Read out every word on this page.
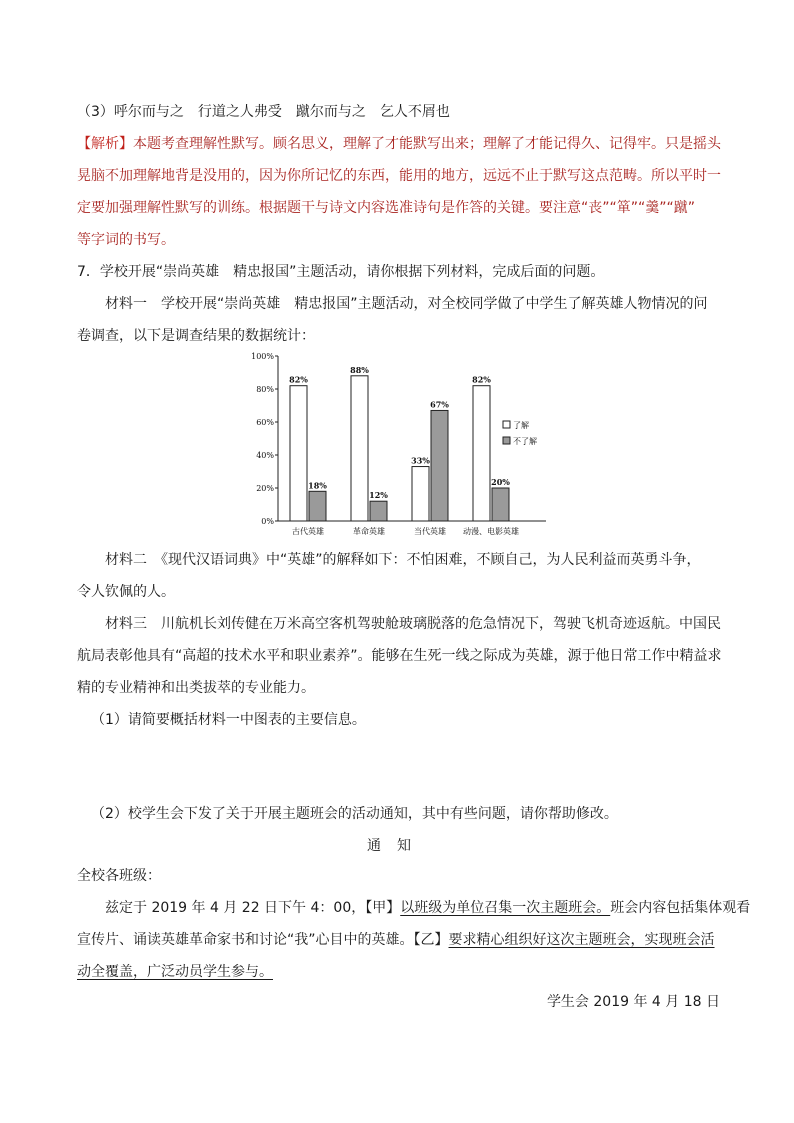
（3）呼尔而与之　行道之人弗受　蹴尔而与之　乞人不屑也
【解析】本题考查理解性默写。顾名思义，理解了才能默写出来；理解了才能记得久、记得牢。只是摇头
晃脑不加理解地背是没用的，因为你所记忆的东西，能用的地方，远远不止于默写这点范畴。所以平时一
定要加强理解性默写的训练。根据题干与诗文内容选准诗句是作答的关键。要注意“丧”“箪”“羹”“蹴”
等字词的书写。
7．学校开展“崇尚英雄　精忠报国”主题活动，请你根据下列材料，完成后面的问题。
材料一　学校开展“崇尚英雄　精忠报国”主题活动，对全校同学做了中学生了解英雄人物情况的问
卷调查，以下是调查结果的数据统计：
0%
20%
40%
60%
80%
100%
82%
18%
古代英雄
88%
12%
革命英雄
33%
67%
当代英雄
82%
20%
动漫、电影英雄
了解
不了解
材料二　《现代汉语词典》中“英雄”的解释如下：不怕困难，不顾自己，为人民利益而英勇斗争，
令人钦佩的人。
材料三　川航机长刘传健在万米高空客机驾驶舱玻璃脱落的危急情况下，驾驶飞机奇迹返航。中国民
航局表彰他具有“高超的技术水平和职业素养”。能够在生死一线之际成为英雄，源于他日常工作中精益求
精的专业精神和出类拔萃的专业能力。
（1）请简要概括材料一中图表的主要信息。
（2）校学生会下发了关于开展主题班会的活动通知，其中有些问题，请你帮助修改。
通知
全校各班级：
兹定于 2019 年 4 月 22 日下午 4：00，【甲】以班级为单位召集一次主题班会。班会内容包括集体观看
宣传片、诵读英雄革命家书和讨论“我”心目中的英雄。【乙】要求精心组织好这次主题班会，实现班会活
动全覆盖，广泛动员学生参与。
学生会 2019 年 4 月 18 日
